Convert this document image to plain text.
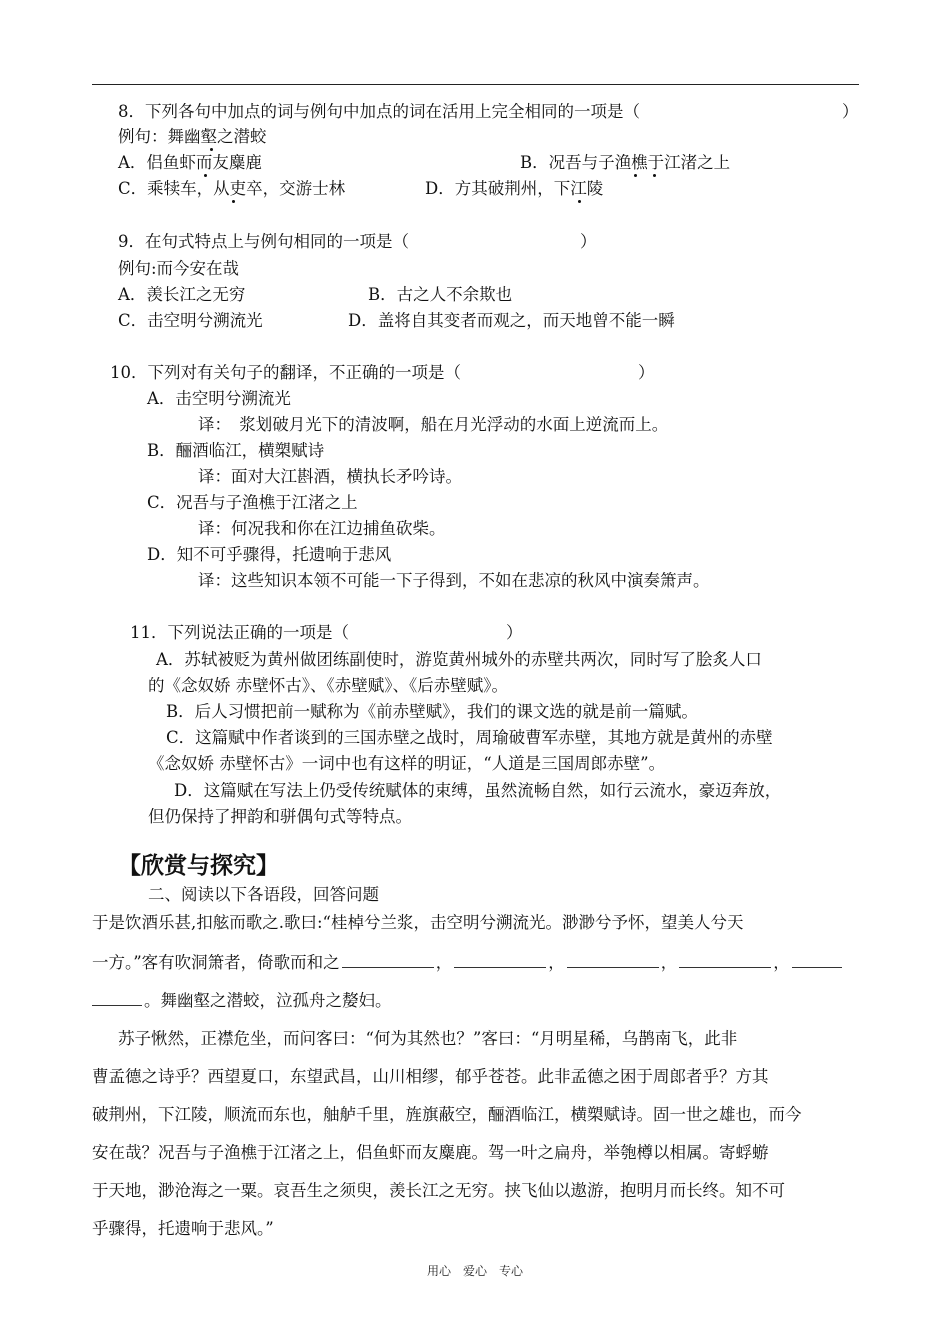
8．下列各句中加点的词与例句中加点的词在活用上完全相同的一项是（	）
例句：舞幽壑之潜蛟
A．侣鱼虾而友麋鹿	B．况吾与子渔樵于江渚之上
C．乘犊车，从吏卒，交游士林	D．方其破荆州，下江陵
9．在句式特点上与例句相同的一项是（	）
例句:而今安在哉
A．羡长江之无穷	B．古之人不余欺也
C．击空明兮溯流光	D．盖将自其变者而观之，而天地曾不能一瞬
10．下列对有关句子的翻译，不正确的一项是（	）
A．击空明兮溯流光
译：　浆划破月光下的清波啊，船在月光浮动的水面上逆流而上。
B．酾酒临江，横槊赋诗
译：面对大江斟酒，横执长矛吟诗。
C．况吾与子渔樵于江渚之上
译：何况我和你在江边捕鱼砍柴。
D．知不可乎骤得，托遗响于悲风
译：这些知识本领不可能一下子得到，不如在悲凉的秋风中演奏箫声。
11．下列说法正确的一项是（	）
A．苏轼被贬为黄州做团练副使时，游览黄州城外的赤壁共两次，同时写了脍炙人口
的《念奴娇 赤壁怀古》、《赤壁赋》、《后赤壁赋》。
B．后人习惯把前一赋称为《前赤壁赋》，我们的课文选的就是前一篇赋。
C．这篇赋中作者谈到的三国赤壁之战时，周瑜破曹军赤壁，其地方就是黄州的赤壁
《念奴娇 赤壁怀古》一词中也有这样的明证，“人道是三国周郎赤壁”。
D．这篇赋在写法上仍受传统赋体的束缚，虽然流畅自然，如行云流水，豪迈奔放，
但仍保持了押韵和骈偶句式等特点。
【欣赏与探究】
二、阅读以下各语段，回答问题
于是饮酒乐甚,扣舷而歌之.歌曰:“桂棹兮兰浆，击空明兮溯流光。渺渺兮予怀，望美人兮天
一方。”客有吹洞箫者，倚歌而和之	，	，	，	，
。舞幽壑之潜蛟，泣孤舟之嫠妇。
苏子愀然，正襟危坐，而问客曰：“何为其然也？”客曰：“月明星稀，乌鹊南飞，此非
曹孟德之诗乎？西望夏口，东望武昌，山川相缪，郁乎苍苍。此非孟德之困于周郎者乎？方其
破荆州，下江陵，顺流而东也，舳舻千里，旌旗蔽空，酾酒临江，横槊赋诗。固一世之雄也，而今
安在哉？况吾与子渔樵于江渚之上，侣鱼虾而友麋鹿。驾一叶之扁舟，举匏樽以相属。寄蜉蝣
于天地，渺沧海之一粟。哀吾生之须臾，羡长江之无穷。挟飞仙以遨游，抱明月而长终。知不可
乎骤得，托遗响于悲风。”
用心　爱心　专心
